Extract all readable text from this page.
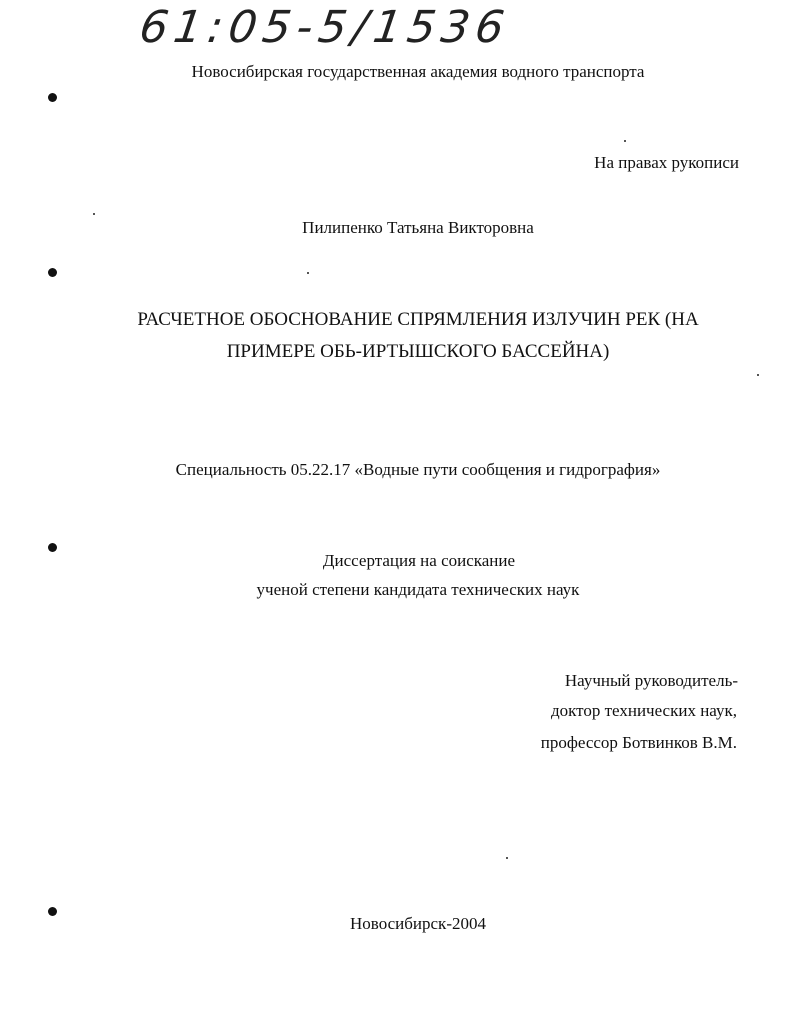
61:05-5/1536
Новосибирская государственная академия водного транспорта
На правах рукописи
Пилипенко Татьяна Викторовна
РАСЧЕТНОЕ ОБОСНОВАНИЕ СПРЯМЛЕНИЯ ИЗЛУЧИН РЕК (НА
ПРИМЕРЕ ОБЬ-ИРТЫШСКОГО БАССЕЙНА)
Специальность 05.22.17 «Водные пути сообщения и гидрография»
Диссертация на соискание
ученой степени кандидата технических наук
Научный руководитель-
доктор технических наук,
профессор Ботвинков В.М.
Новосибирск-2004
